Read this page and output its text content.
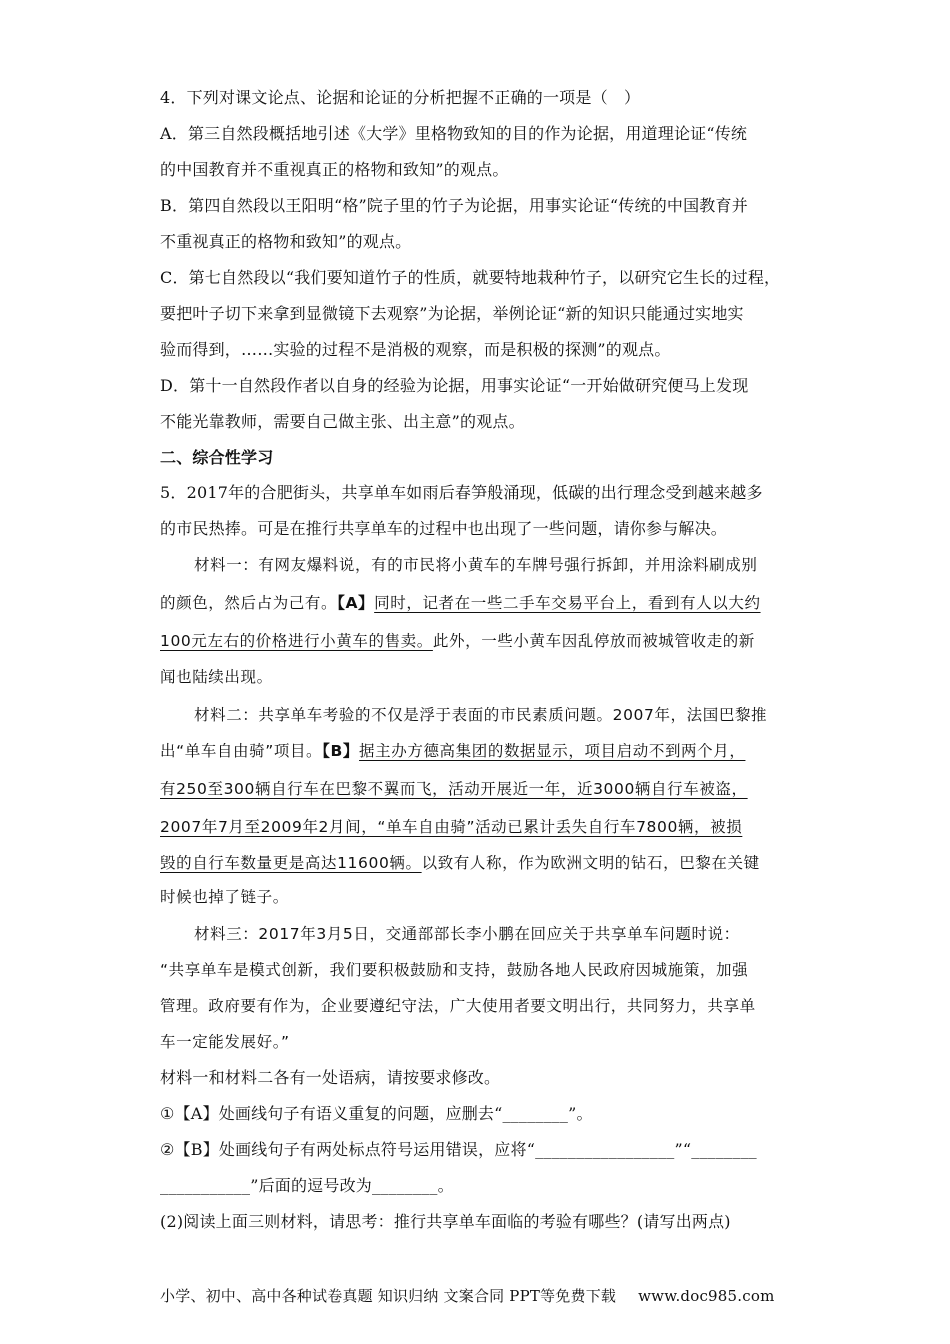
4．下列对课文论点、论据和论证的分析把握不正确的一项是（　）
A．第三自然段概括地引述《大学》里格物致知的目的作为论据，用道理论证“传统
的中国教育并不重视真正的格物和致知”的观点。
B．第四自然段以王阳明“格”院子里的竹子为论据，用事实论证“传统的中国教育并
不重视真正的格物和致知”的观点。
C．第七自然段以“我们要知道竹子的性质，就要特地栽种竹子，以研究它生长的过程，
要把叶子切下来拿到显微镜下去观察”为论据，举例论证“新的知识只能通过实地实
验而得到，……实验的过程不是消极的观察，而是积极的探测”的观点。
D．第十一自然段作者以自身的经验为论据，用事实论证“一开始做研究便马上发现
不能光靠教师，需要自己做主张、出主意”的观点。
二、综合性学习
5．2017年的合肥街头，共享单车如雨后春笋般涌现，低碳的出行理念受到越来越多
的市民热捧。可是在推行共享单车的过程中也出现了一些问题，请你参与解决。
材料一：有网友爆料说，有的市民将小黄车的车牌号强行拆卸，并用涂料刷成别
的颜色，然后占为己有。【A】同时，记者在一些二手车交易平台上，看到有人以大约
100元左右的价格进行小黄车的售卖。此外，一些小黄车因乱停放而被城管收走的新
闻也陆续出现。
材料二：共享单车考验的不仅是浮于表面的市民素质问题。2007年，法国巴黎推
出“单车自由骑”项目。【B】据主办方德高集团的数据显示，项目启动不到两个月，
有250至300辆自行车在巴黎不翼而飞，活动开展近一年，近3000辆自行车被盗，
2007年7月至2009年2月间，“单车自由骑”活动已累计丢失自行车7800辆，被损
毁的自行车数量更是高达11600辆。以致有人称，作为欧洲文明的钻石，巴黎在关键
时候也掉了链子。
材料三：2017年3月5日，交通部部长李小鹏在回应关于共享单车问题时说：
“共享单车是模式创新，我们要积极鼓励和支持，鼓励各地人民政府因城施策，加强
管理。政府要有作为，企业要遵纪守法，广大使用者要文明出行，共同努力，共享单
车一定能发展好。”
材料一和材料二各有一处语病，请按要求修改。
①【A】处画线句子有语义重复的问题，应删去“________”。
②【B】处画线句子有两处标点符号运用错误，应将“_________________”“________
___________”后面的逗号改为________。
(2)阅读上面三则材料，请思考：推行共享单车面临的考验有哪些？(请写出两点)
小学、初中、高中各种试卷真题 知识归纳 文案合同 PPT等免费下载 www.doc985.com
